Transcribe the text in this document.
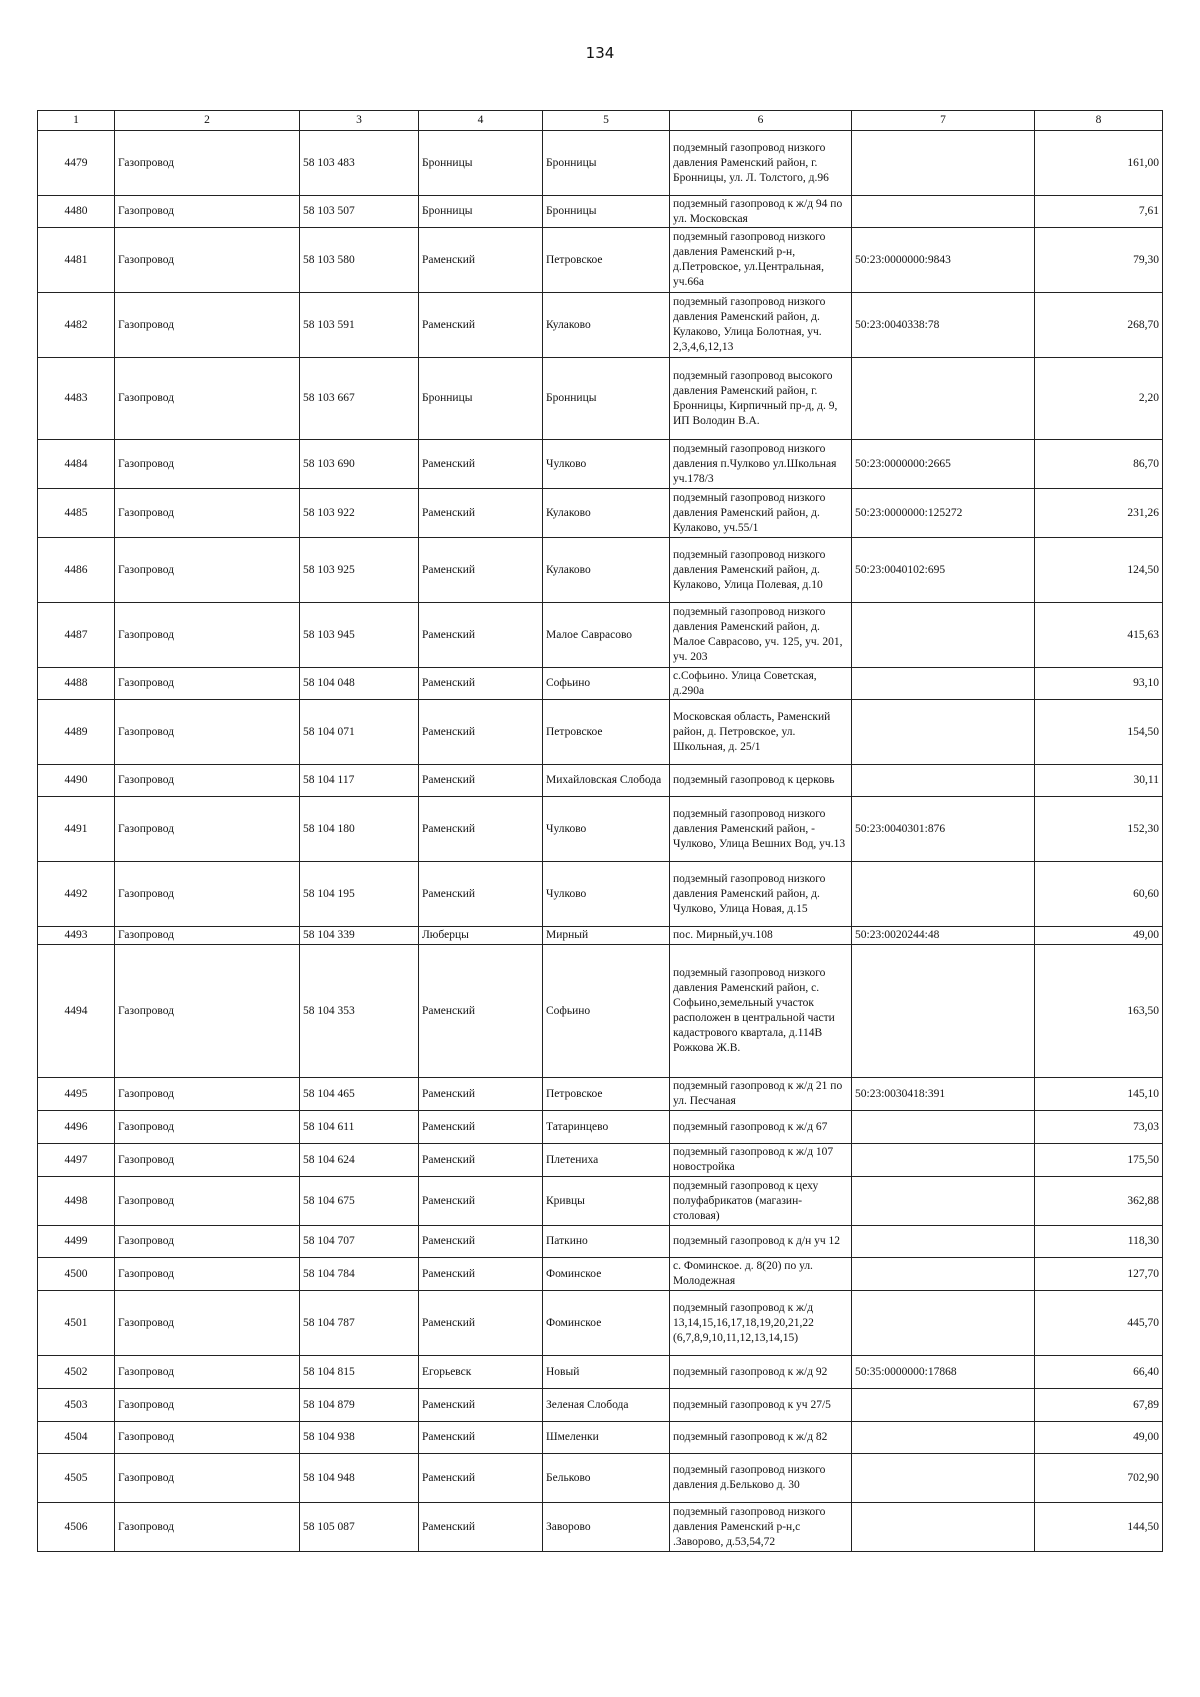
134
1	2	3	4	5	6	7	8
4479	Газопровод	58 103 483	Бронницы	Бронницы	подземный газопровод низкого давления Раменский район, г. Бронницы, ул. Л. Толстого, д.96		161,00
4480	Газопровод	58 103 507	Бронницы	Бронницы	подземный газопровод к ж/д 94 по ул. Московская		7,61
4481	Газопровод	58 103 580	Раменский	Петровское	подземный газопровод низкого давления Раменский р-н, д.Петровское, ул.Центральная, уч.66а	50:23:0000000:9843	79,30
4482	Газопровод	58 103 591	Раменский	Кулаково	подземный газопровод низкого давления Раменский район, д. Кулаково, Улица Болотная, уч. 2,3,4,6,12,13	50:23:0040338:78	268,70
4483	Газопровод	58 103 667	Бронницы	Бронницы	подземный газопровод высокого давления Раменский район, г. Бронницы, Кирпичный пр-д, д. 9, ИП Володин В.А.		2,20
4484	Газопровод	58 103 690	Раменский	Чулково	подземный газопровод низкого давления п.Чулково ул.Школьная уч.178/3	50:23:0000000:2665	86,70
4485	Газопровод	58 103 922	Раменский	Кулаково	подземный газопровод низкого давления Раменский район, д. Кулаково, уч.55/1	50:23:0000000:125272	231,26
4486	Газопровод	58 103 925	Раменский	Кулаково	подземный газопровод низкого давления Раменский район, д. Кулаково, Улица Полевая, д.10	50:23:0040102:695	124,50
4487	Газопровод	58 103 945	Раменский	Малое Саврасово	подземный газопровод низкого давления Раменский район, д. Малое Саврасово, уч. 125, уч. 201, уч. 203		415,63
4488	Газопровод	58 104 048	Раменский	Софьино	с.Софьино. Улица Советская, д.290а		93,10
4489	Газопровод	58 104 071	Раменский	Петровское	Московская область, Раменский район, д. Петровское, ул. Школьная, д. 25/1		154,50
4490	Газопровод	58 104 117	Раменский	Михайловская Слобода	подземный газопровод к церковь		30,11
4491	Газопровод	58 104 180	Раменский	Чулково	подземный газопровод низкого давления Раменский район, - Чулково, Улица Вешних Вод, уч.13	50:23:0040301:876	152,30
4492	Газопровод	58 104 195	Раменский	Чулково	подземный газопровод низкого давления Раменский район, д. Чулково, Улица Новая, д.15		60,60
4493	Газопровод	58 104 339	Люберцы	Мирный	пос. Мирный,уч.108	50:23:0020244:48	49,00
4494	Газопровод	58 104 353	Раменский	Софьино	подземный газопровод низкого давления Раменский район, с. Софьино,земельный участок расположен в центральной части кадастрового квартала, д.114В Рожкова Ж.В.		163,50
4495	Газопровод	58 104 465	Раменский	Петровское	подземный газопровод к ж/д 21 по ул. Песчаная	50:23:0030418:391	145,10
4496	Газопровод	58 104 611	Раменский	Татаринцево	подземный газопровод к ж/д 67		73,03
4497	Газопровод	58 104 624	Раменский	Плетениха	подземный газопровод к ж/д 107 новостройка		175,50
4498	Газопровод	58 104 675	Раменский	Кривцы	подземный газопровод к цеху полуфабрикатов (магазин-столовая)		362,88
4499	Газопровод	58 104 707	Раменский	Паткино	подземный газопровод к д/н уч 12		118,30
4500	Газопровод	58 104 784	Раменский	Фоминское	с. Фоминское. д. 8(20) по ул. Молодежная		127,70
4501	Газопровод	58 104 787	Раменский	Фоминское	подземный газопровод к ж/д 13,14,15,16,17,18,19,20,21,22 (6,7,8,9,10,11,12,13,14,15)		445,70
4502	Газопровод	58 104 815	Егорьевск	Новый	подземный газопровод к ж/д 92	50:35:0000000:17868	66,40
4503	Газопровод	58 104 879	Раменский	Зеленая Слобода	подземный газопровод к уч 27/5		67,89
4504	Газопровод	58 104 938	Раменский	Шмеленки	подземный газопровод к ж/д 82		49,00
4505	Газопровод	58 104 948	Раменский	Бельково	подземный газопровод низкого давления д.Бельково д. 30		702,90
4506	Газопровод	58 105 087	Раменский	Заворово	подземный газопровод низкого давления Раменский р-н,с .Заворово, д.53,54,72		144,50
